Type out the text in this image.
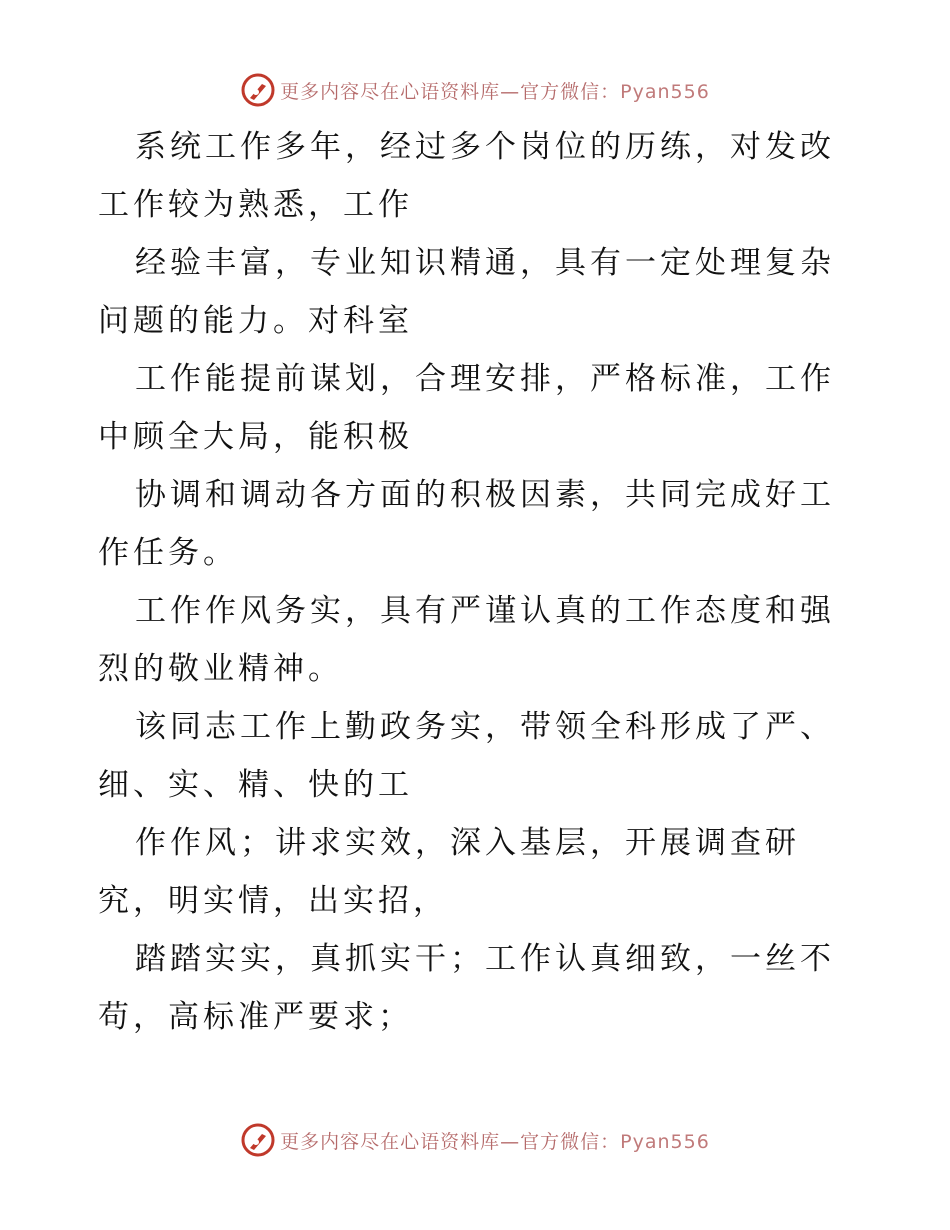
更多内容尽在心语资料库—官方微信：Pyan556

系统工作多年，经过多个岗位的历练，对发改工作较为熟悉，工作

经验丰富，专业知识精通，具有一定处理复杂问题的能力。对科室

工作能提前谋划，合理安排，严格标准，工作中顾全大局，能积极

协调和调动各方面的积极因素，共同完成好工作任务。

工作作风务实，具有严谨认真的工作态度和强烈的敬业精神。

该同志工作上勤政务实，带领全科形成了严、细、实、精、快的工

作作风；讲求实效，深入基层，开展调查研究，明实情，出实招，

踏踏实实，真抓实干；工作认真细致，一丝不苟，高标准严要求；

更多内容尽在心语资料库—官方微信：Pyan556
